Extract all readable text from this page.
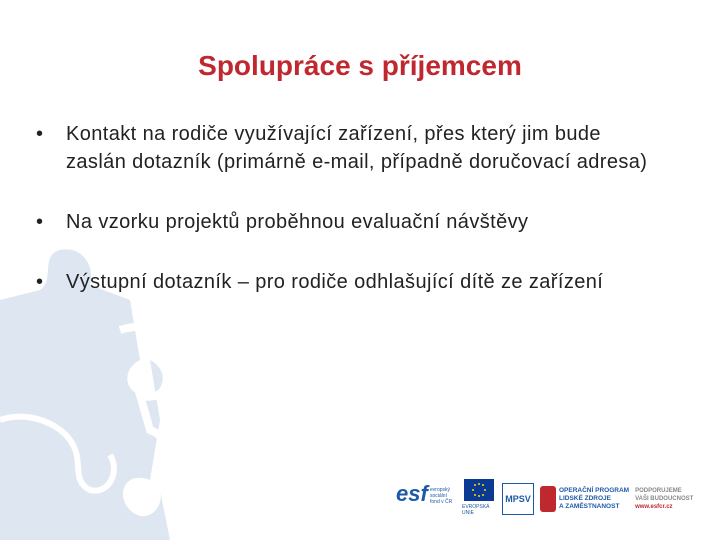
Spolupráce s příjemcem
• Kontakt na rodiče využívající zařízení, přes který jim bude zaslán dotazník (primárně e-mail, případně doručovací adresa)
• Na vzorku projektů proběhnou evaluační návštěvy
• Výstupní dotazník – pro rodiče odhlašující dítě ze zařízení
esf evropský sociální fond v ČR
EVROPSKÁ UNIE
MPSV
OPERAČNÍ PROGRAM
LIDSKÉ ZDROJE
A ZAMĚSTNANOST
PODPORUJEME
VAŠI BUDOUCNOST
www.esfcr.cz
